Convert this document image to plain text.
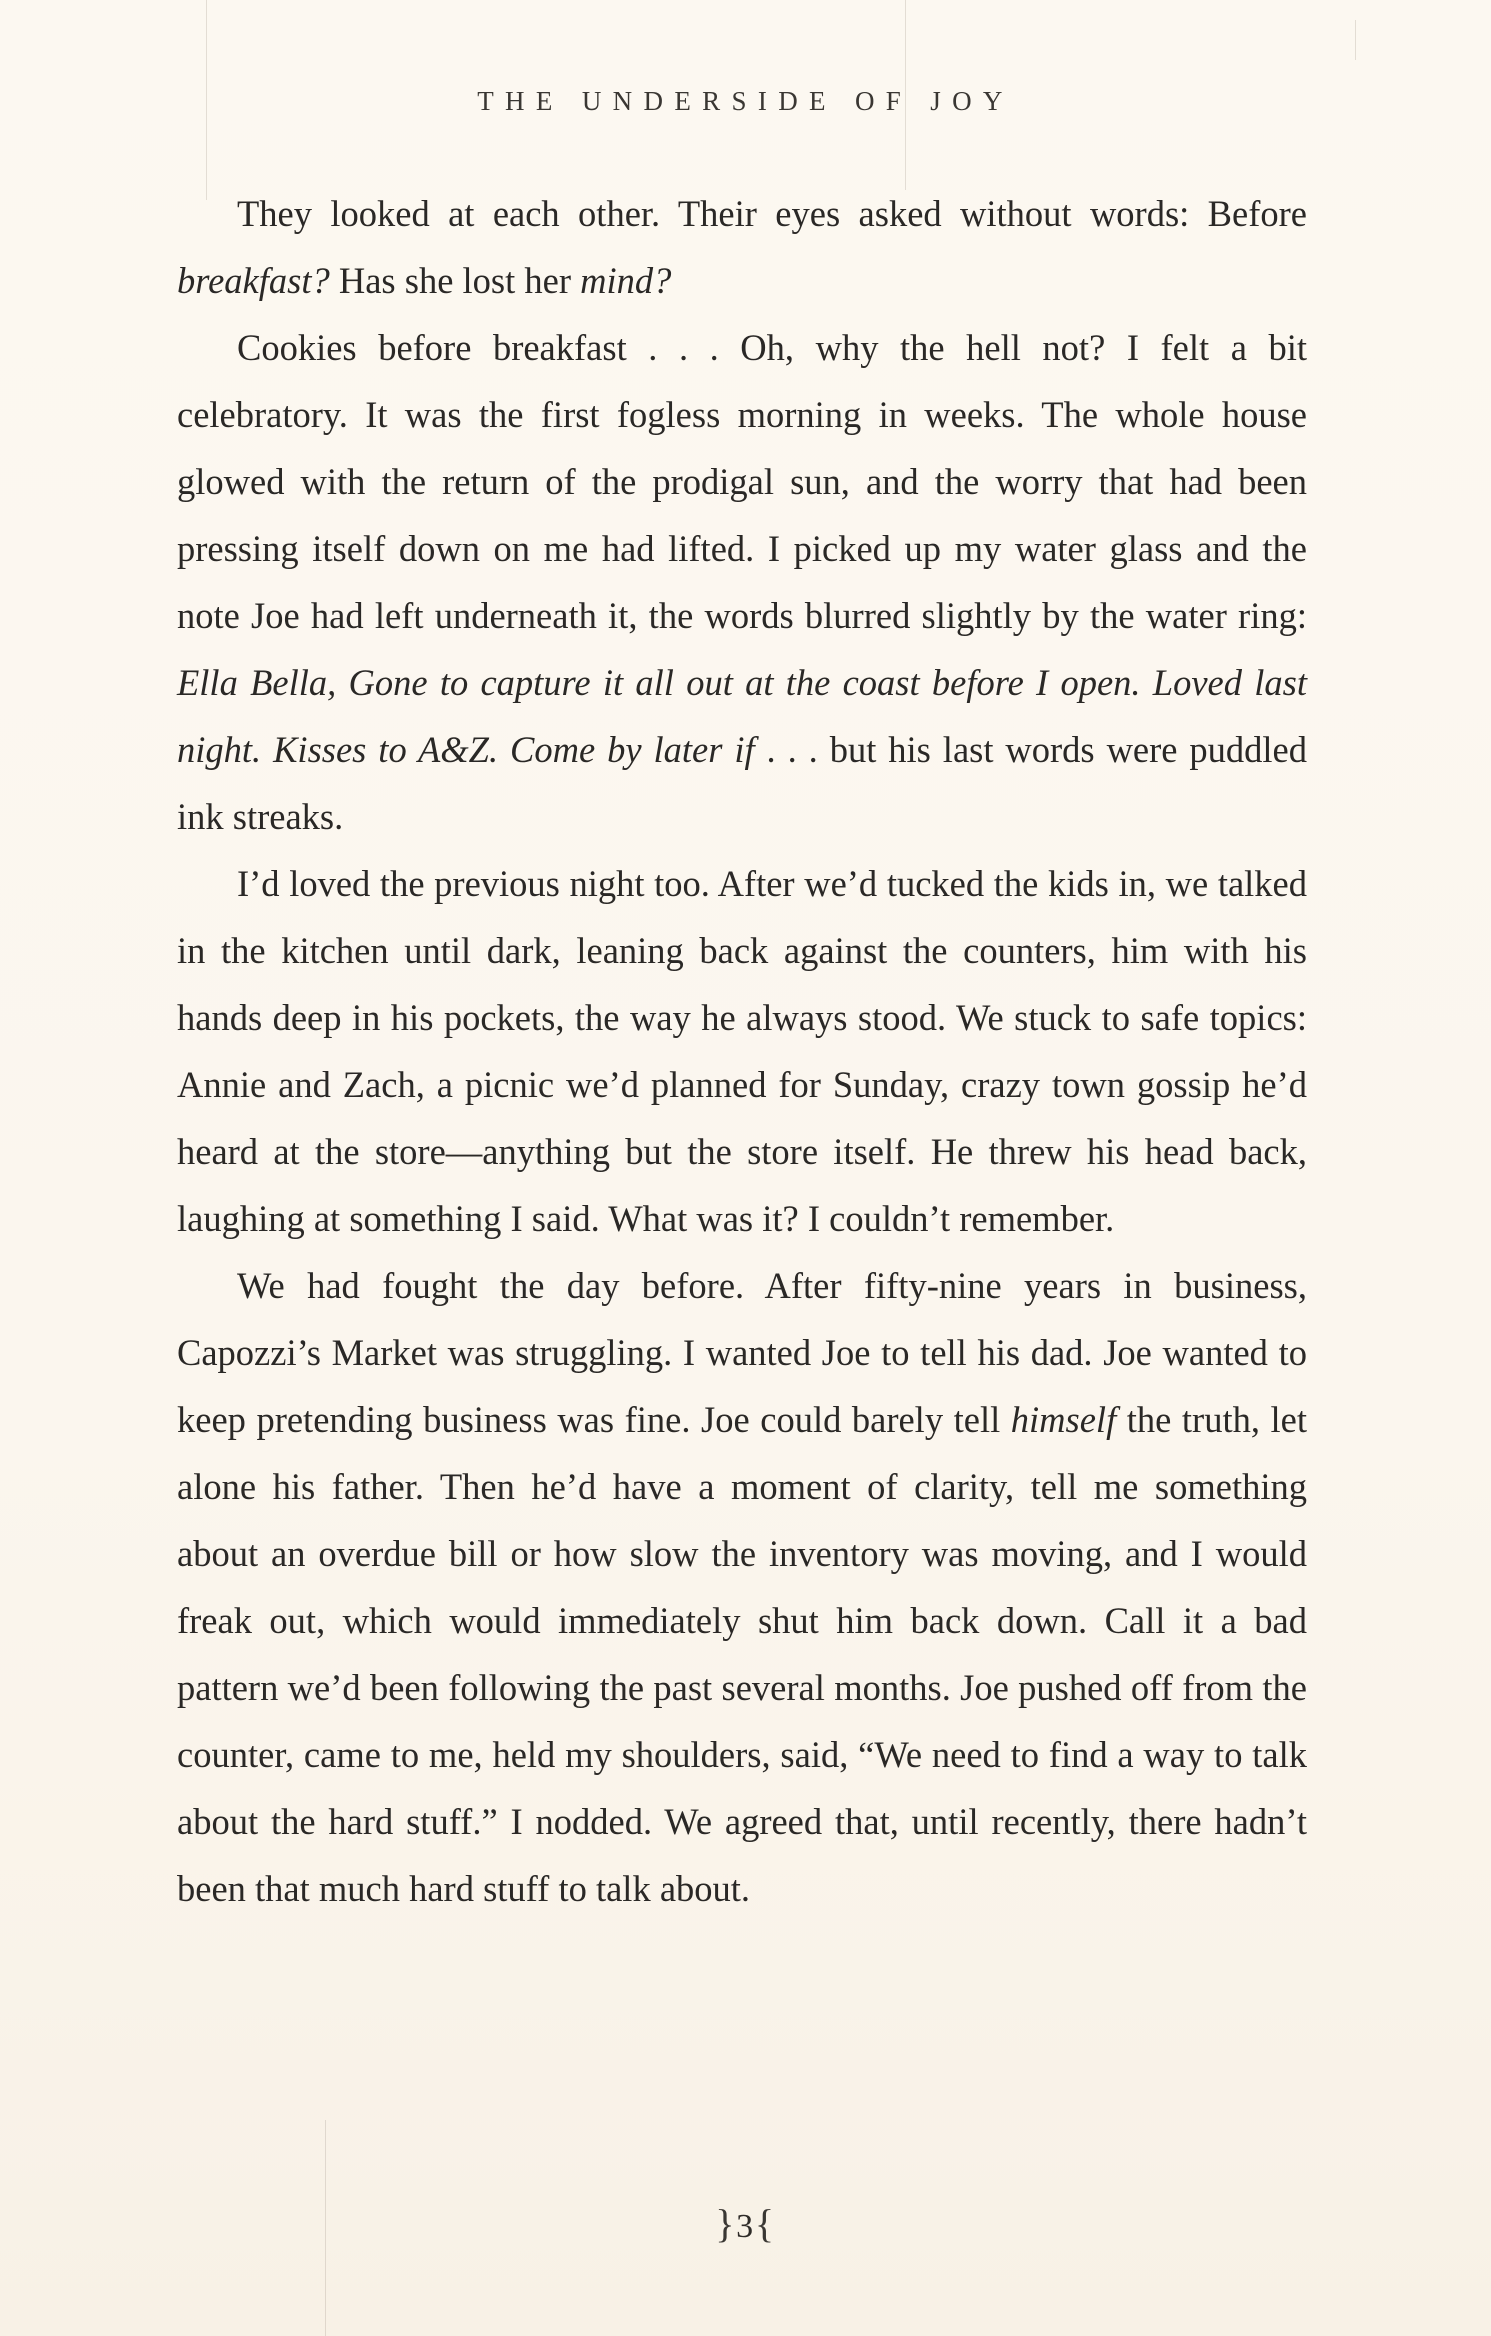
THE UNDERSIDE OF JOY

They looked at each other. Their eyes asked without words: Before breakfast? Has she lost her mind?

Cookies before breakfast . . . Oh, why the hell not? I felt a bit celebratory. It was the first fogless morning in weeks. The whole house glowed with the return of the prodigal sun, and the worry that had been pressing itself down on me had lifted. I picked up my water glass and the note Joe had left underneath it, the words blurred slightly by the water ring: Ella Bella, Gone to capture it all out at the coast before I open. Loved last night. Kisses to A&Z. Come by later if . . . but his last words were puddled ink streaks.

I’d loved the previous night too. After we’d tucked the kids in, we talked in the kitchen until dark, leaning back against the counters, him with his hands deep in his pockets, the way he always stood. We stuck to safe topics: Annie and Zach, a picnic we’d planned for Sunday, crazy town gossip he’d heard at the store—anything but the store itself. He threw his head back, laughing at something I said. What was it? I couldn’t remember.

We had fought the day before. After fifty-nine years in business, Capozzi’s Market was struggling. I wanted Joe to tell his dad. Joe wanted to keep pretending business was fine. Joe could barely tell himself the truth, let alone his father. Then he’d have a moment of clarity, tell me something about an overdue bill or how slow the inventory was moving, and I would freak out, which would immediately shut him back down. Call it a bad pattern we’d been following the past several months. Joe pushed off from the counter, came to me, held my shoulders, said, “We need to find a way to talk about the hard stuff.” I nodded. We agreed that, until recently, there hadn’t been that much hard stuff to talk about.

}3{
